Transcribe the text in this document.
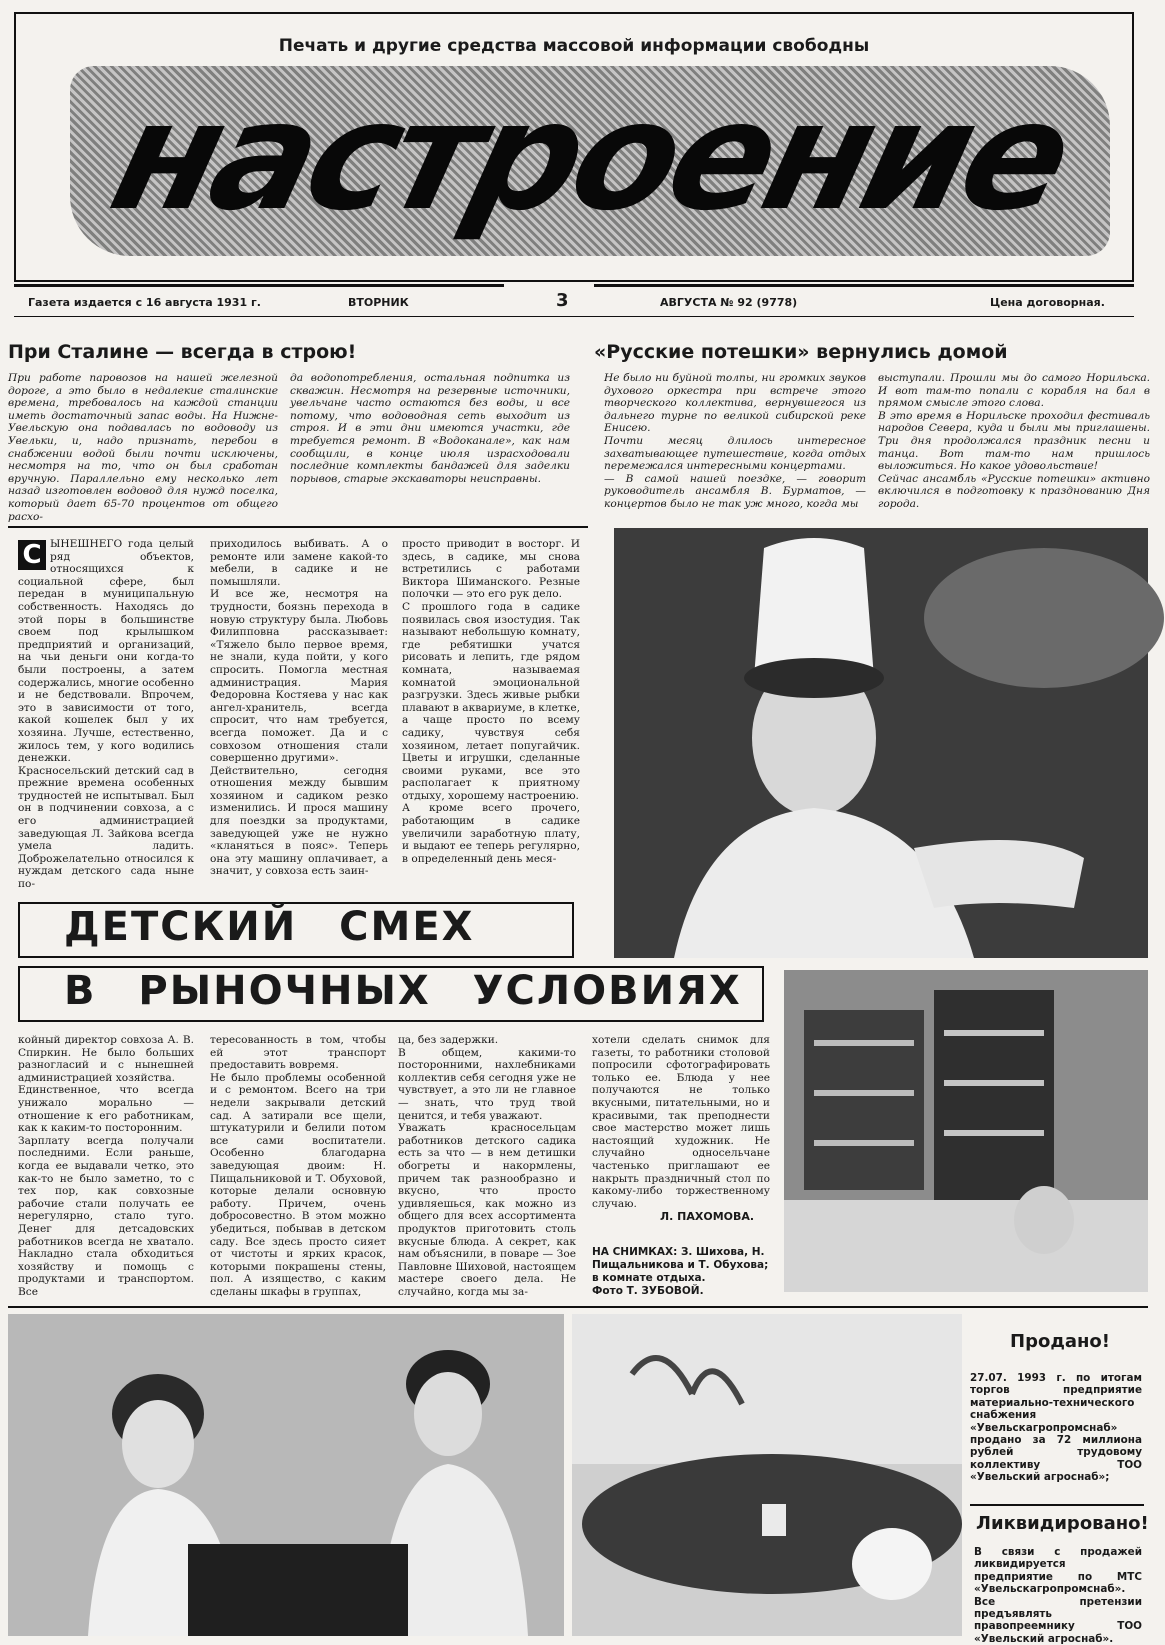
Печать и другие средства массовой информации свободны
настроение
Газета издается с 16 августа 1931 г.	ВТОРНИК	3	АВГУСТА № 92 (9778)	Цена договорная.
При Сталине — всегда в строю!

При работе паровозов на нашей железной дороге, а это было в недалекие сталинские времена, требовалось на каждой станции иметь достаточный запас воды. На Нижне-Увельскую она подавалась по водоводу из Увельки, и, надо признать, перебои в снабжении водой были почти исключены, несмотря на то, что он был сработан вручную. Параллельно ему несколько лет назад изготовлен водовод для нужд поселка, который дает 65-70 процентов от общего расхо-

да водопотребления, остальная подпитка из скважин. Несмотря на резервные источники, увельчане часто остаются без воды, и все потому, что водоводная сеть выходит из строя. И в эти дни имеются участки, где требуется ремонт. В «Водоканале», как нам сообщили, в конце июля израсходовали последние комплекты бандажей для заделки порывов, старые экскаваторы неисправны.

«Русские потешки» вернулись домой

Не было ни буйной толпы, ни громких звуков духового оркестра при встрече этого творческого коллектива, вернувшегося из дальнего турне по великой сибирской реке Енисею.
Почти месяц длилось интересное захватывающее путешествие, когда отдых перемежался интересными концертами.
— В самой нашей поездке, — говорит руководитель ансамбля В. Бурматов, — концертов было не так уж много, когда мы

выступали. Прошли мы до самого Норильска. И вот там-то попали с корабля на бал в прямом смысле этого слова.
В это время в Норильске проходил фестиваль народов Севера, куда и были мы приглашены. Три дня продолжался праздник песни и танца. Вот там-то нам пришлось выложиться. Но какое удовольствие!
Сейчас ансамбль «Русские потешки» активно включился в подготовку к празднованию Дня города.

С ЫНЕШНЕГО года целый ряд объектов, относящихся к социальной сфере, был передан в муниципальную собственность. Находясь до этой поры в большинстве своем под крылышком предприятий и организаций, на чьи деньги они когда-то были построены, а затем содержались, многие особенно и не бедствовали. Впрочем, это в зависимости от того, какой кошелек был у их хозяина. Лучше, естественно, жилось тем, у кого водились денежки.
Красносельский детский сад в прежние времена особенных трудностей не испытывал. Был он в подчинении совхоза, а с его администрацией заведующая Л. Зайкова всегда умела ладить. Доброжелательно относился к нуждам детского сада ныне по-

приходилось выбивать. А о ремонте или замене какой-то мебели, в садике и не помышляли.
И все же, несмотря на трудности, боязнь перехода в новую структуру была. Любовь Филипповна рассказывает: «Тяжело было первое время, не знали, куда пойти, у кого спросить. Помогла местная администрация. Мария Федоровна Костяева у нас как ангел-хранитель, всегда спросит, что нам требуется, всегда поможет. Да и с совхозом отношения стали совершенно другими».
Действительно, сегодня отношения между бывшим хозяином и садиком резко изменились. И прося машину для поездки за продуктами, заведующей уже не нужно «кланяться в пояс». Теперь она эту машину оплачивает, а значит, у совхоза есть заин-

просто приводит в восторг. И здесь, в садике, мы снова встретились с работами Виктора Шиманского. Резные полочки — это его рук дело.
С прошлого года в садике появилась своя изостудия. Так называют небольшую комнату, где ребятишки учатся рисовать и лепить, где рядом комната, называемая комнатой эмоциональной разгрузки. Здесь живые рыбки плавают в аквариуме, в клетке, а чаще просто по всему садику, чувствуя себя хозяином, летает попугайчик. Цветы и игрушки, сделанные своими руками, все это располагает к приятному отдыху, хорошему настроению.
А кроме всего прочего, работающим в садике увеличили заработную плату, и выдают ее теперь регулярно, в определенный день меся-

ДЕТСКИЙ СМЕХ
В РЫНОЧНЫХ УСЛОВИЯХ

койный директор совхоза А. В. Спиркин. Не было больших разногласий и с нынешней администрацией хозяйства.
Единственное, что всегда унижало морально — отношение к его работникам, как к каким-то посторонним.
Зарплату всегда получали последними. Если раньше, когда ее выдавали четко, это как-то не было заметно, то с тех пор, как совхозные рабочие стали получать ее нерегулярно, стало туго. Денег для детсадовских работников всегда не хватало. Накладно стала обходиться хозяйству и помощь с продуктами и транспортом. Все

тересованность в том, чтобы ей этот транспорт предоставить вовремя.
Не было проблемы особенной и с ремонтом. Всего на три недели закрывали детский сад. А затирали все щели, штукатурили и белили потом все сами воспитатели. Особенно благодарна заведующая двоим: Н. Пищальниковой и Т. Обуховой, которые делали основную работу. Причем, очень добросовестно. В этом можно убедиться, побывав в детском саду. Все здесь просто сияет от чистоты и ярких красок, которыми покрашены стены, пол. А изящество, с каким сделаны шкафы в группах,

ца, без задержки.
В общем, какими-то посторонними, нахлебниками коллектив себя сегодня уже не чувствует, а это ли не главное — знать, что труд твой ценится, и тебя уважают.
Уважать красносельцам работников детского садика есть за что — в нем детишки обогреты и накормлены, причем так разнообразно и вкусно, что просто удивляешься, как можно из общего для всех ассортимента продуктов приготовить столь вкусные блюда. А секрет, как нам объяснили, в поваре — Зое Павловне Шиховой, настоящем мастере своего дела. Не случайно, когда мы за-

хотели сделать снимок для газеты, то работники столовой попросили сфотографировать только ее. Блюда у нее получаются не только вкусными, питательными, но и красивыми, так преподнести свое мастерство может лишь настоящий художник. Не случайно односельчане частенько приглашают ее накрыть праздничный стол по какому-либо торжественному случаю.

Л. ПАХОМОВА.
НА СНИМКАХ: З. Шихова, Н. Пищальникова и Т. Обухова; в комнате отдыха.
Фото Т. ЗУБОВОЙ.
Продано!

27.07. 1993 г. по итогам торгов предприятие материально-технического снабжения «Увельскагропромснаб» продано за 72 миллиона рублей трудовому коллективу ТОО «Увельский агроснаб»;

Ликвидировано!

В связи с продажей ликвидируется предприятие по МТС «Увельскагропромснаб». Все претензии предъявлять правопреемнику ТОО «Увельский агроснаб».
